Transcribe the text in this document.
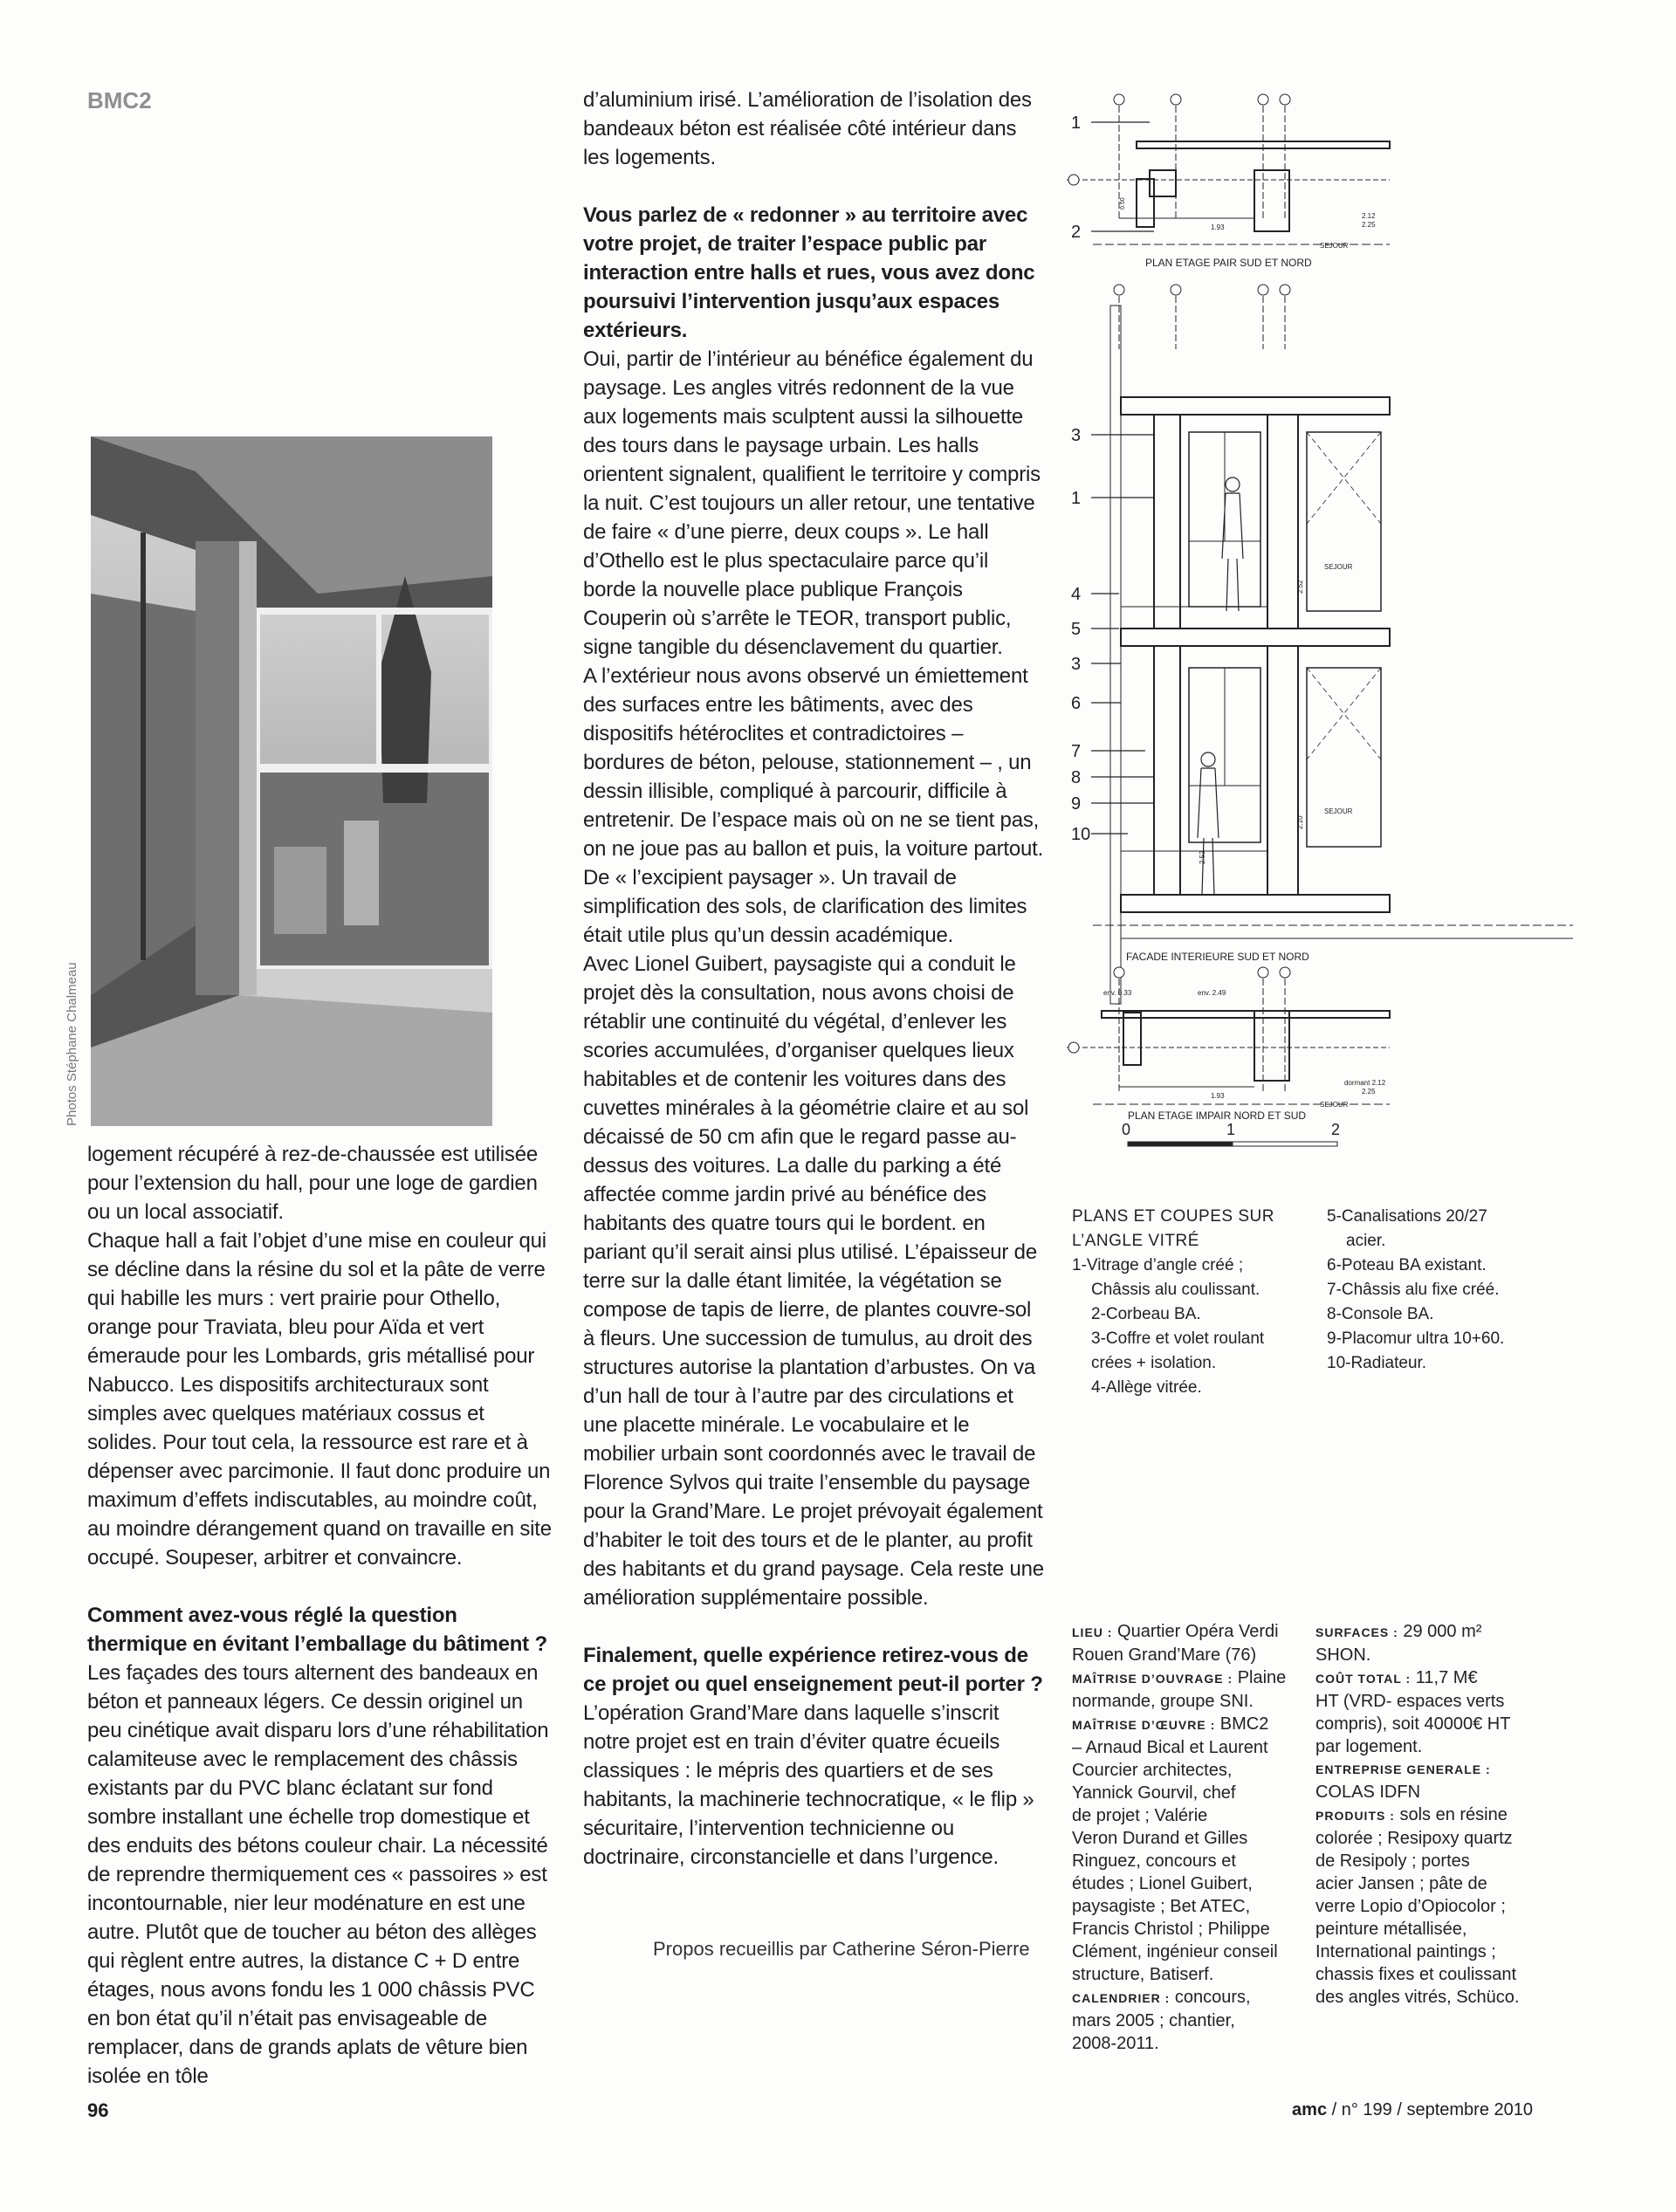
BMC2
Photos Stéphane Chalmeau

logement récupéré à rez-de-chaussée est utilisée pour l’extension du hall, pour une loge de gardien ou un local associatif.

Chaque hall a fait l’objet d’une mise en couleur qui se décline dans la résine du sol et la pâte de verre qui habille les murs : vert prairie pour Othello, orange pour Traviata, bleu pour Aïda et vert émeraude pour les Lombards, gris métallisé pour Nabucco. Les dispositifs architecturaux sont simples avec quelques matériaux cossus et solides. Pour tout cela, la ressource est rare et à dépenser avec parcimonie. Il faut donc produire un maximum d’effets indiscutables, au moindre coût, au moindre dérangement quand on travaille en site occupé. Soupeser, arbitrer et convaincre.

Comment avez-vous réglé la question thermique en évitant l’emballage du bâtiment ?

Les façades des tours alternent des bandeaux en béton et panneaux légers. Ce dessin originel un peu cinétique avait disparu lors d’une réhabilitation calamiteuse avec le remplacement des châssis existants par du PVC blanc éclatant sur fond sombre installant une échelle trop domestique et des enduits des bétons couleur chair. La nécessité de reprendre thermiquement ces « passoires » est incontournable, nier leur modénature en est une autre. Plutôt que de toucher au béton des allèges qui règlent entre autres, la distance C + D entre étages, nous avons fondu les 1 000 châssis PVC en bon état qu’il n’était pas envisageable de remplacer, dans de grands aplats de vêture bien isolée en tôle

d’aluminium irisé. L’amélioration de l’isolation des bandeaux béton est réalisée côté intérieur dans les logements.

Vous parlez de « redonner » au territoire avec votre projet, de traiter l’espace public par interaction entre halls et rues, vous avez donc poursuivi l’intervention jusqu’aux espaces extérieurs.

Oui, partir de l’intérieur au bénéfice également du paysage. Les angles vitrés redonnent de la vue aux logements mais sculptent aussi la silhouette des tours dans le paysage urbain. Les halls orientent signalent, qualifient le territoire y compris la nuit. C’est toujours un aller retour, une tentative de faire « d’une pierre, deux coups ». Le hall d’Othello est le plus spectaculaire parce qu’il borde la nouvelle place publique François Couperin où s’arrête le TEOR, transport public, signe tangible du désenclavement du quartier.

A l’extérieur nous avons observé un émiettement des surfaces entre les bâtiments, avec des dispositifs hétéroclites et contradictoires – bordures de béton, pelouse, stationnement – , un dessin illisible, compliqué à parcourir, difficile à entretenir. De l’espace mais où on ne se tient pas, on ne joue pas au ballon et puis, la voiture partout. De « l’excipient paysager ». Un travail de simplification des sols, de clarification des limites était utile plus qu’un dessin académique.

Avec Lionel Guibert, paysagiste qui a conduit le projet dès la consultation, nous avons choisi de rétablir une continuité du végétal, d’enlever les scories accumulées, d’organiser quelques lieux habitables et de contenir les voitures dans des cuvettes minérales à la géométrie claire et au sol décaissé de 50 cm afin que le regard passe au-dessus des voitures. La dalle du parking a été affectée comme jardin privé au bénéfice des habitants des quatre tours qui le bordent. en pariant qu’il serait ainsi plus utilisé. L’épaisseur de terre sur la dalle étant limitée, la végétation se compose de tapis de lierre, de plantes couvre-sol à fleurs. Une succession de tumulus, au droit des structures autorise la plantation d’arbustes. On va d’un hall de tour à l’autre par des circulations et une placette minérale. Le vocabulaire et le mobilier urbain sont coordonnés avec le travail de Florence Sylvos qui traite l’ensemble du paysage pour la Grand’Mare. Le projet prévoyait également d’habiter le toit des tours et de le planter, au profit des habitants et du grand paysage. Cela reste une amélioration supplémentaire possible.

Finalement, quelle expérience retirez-vous de ce projet ou quel enseignement peut-il porter ?

L’opération Grand’Mare dans laquelle s’inscrit notre projet est en train d’éviter quatre écueils classiques : le mépris des quartiers et de ses habitants, la machinerie technocratique, « le flip » sécuritaire, l’intervention technicienne ou doctrinaire, circonstancielle et dans l’urgence.

Propos recueillis par Catherine Séron-Pierre
1.93
2.12
2.25
SEJOUR
0.50
PLAN ETAGE PAIR SUD ET NORD
SEJOUR
SEJOUR
2.52
2.52
2.10
FACADE INTERIEURE SUD ET NORD
env. 0.33	env. 2.49
1.93
dormant 2.12
2.25
SEJOUR
PLAN ETAGE IMPAIR NORD ET SUD
1
2
3
1
4
5
3
6
7
8
9
10
0	1	2

PLANS ET COUPES SUR

L’ANGLE VITRÉ

1-Vitrage d’angle créé ;

Châssis alu coulissant.

2-Corbeau BA.

3-Coffre et volet roulant

crées + isolation.

4-Allège vitrée.

5-Canalisations 20/27

acier.

6-Poteau BA existant.

7-Châssis alu fixe créé.

8-Console BA.

9-Placomur ultra 10+60.

10-Radiateur.

LIEU : Quartier Opéra Verdi

Rouen Grand’Mare (76)

MAÎTRISE D’OUVRAGE : Plaine

normande, groupe SNI.

MAÎTRISE D’ŒUVRE : BMC2

– Arnaud Bical et Laurent

Courcier architectes,

Yannick Gourvil, chef

de projet ; Valérie

Veron Durand et Gilles

Ringuez, concours et

études ; Lionel Guibert,

paysagiste ; Bet ATEC,

Francis Christol ; Philippe

Clément, ingénieur conseil

structure, Batiserf.

CALENDRIER : concours,

mars 2005 ; chantier,

2008-2011.

SURFACES : 29 000 m²

SHON.

COÛT TOTAL : 11,7 M€

HT (VRD- espaces verts

compris), soit 40000€ HT

par logement.

ENTREPRISE GENERALE :

COLAS IDFN

PRODUITS : sols en résine

colorée ; Resipoxy quartz

de Resipoly ; portes

acier Jansen ; pâte de

verre Lopio d’Opiocolor ;

peinture métallisée,

International paintings ;

chassis fixes et coulissant

des angles vitrés, Schüco.

96	amc / n° 199 / septembre 2010
